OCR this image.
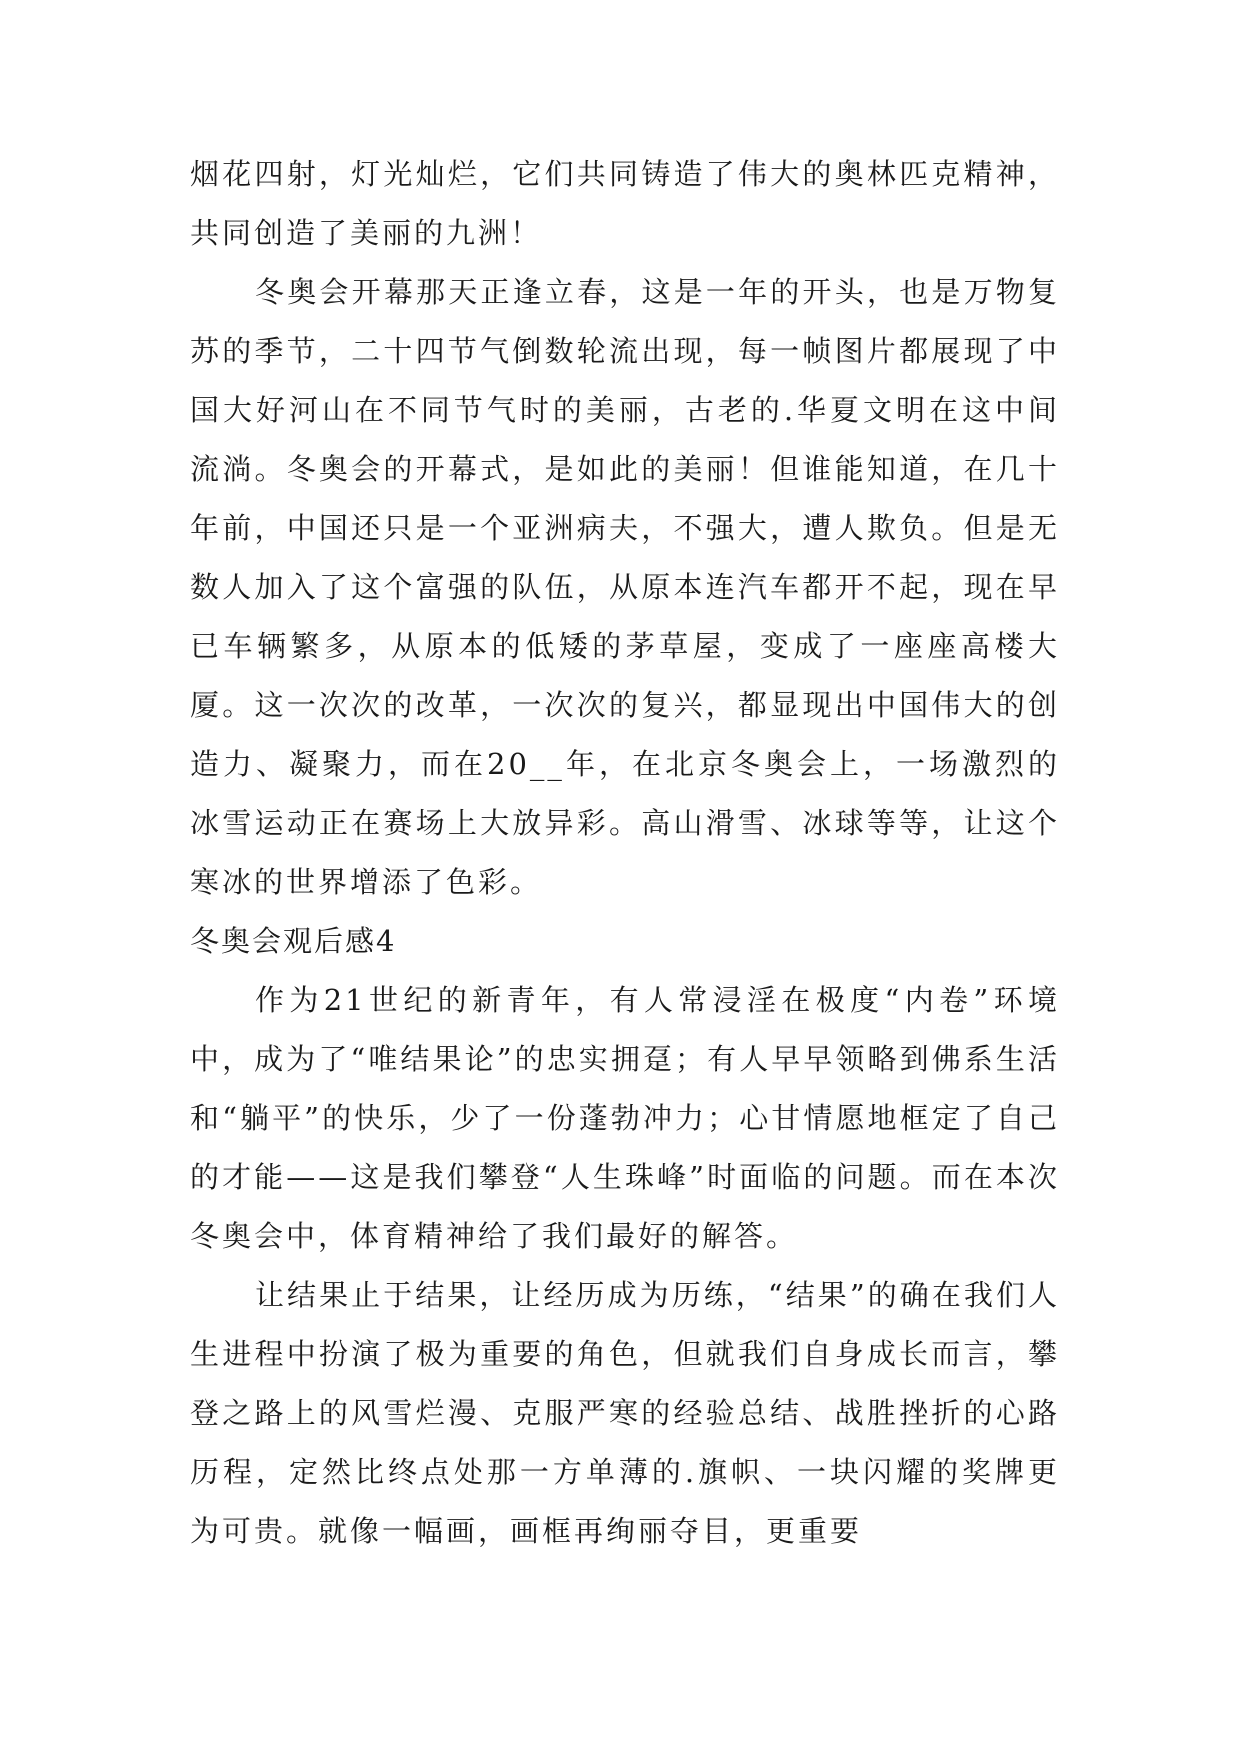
烟花四射，灯光灿烂，它们共同铸造了伟大的奥林匹克精神，共同创造了美丽的九洲！

冬奥会开幕那天正逢立春，这是一年的开头，也是万物复苏的季节，二十四节气倒数轮流出现，每一帧图片都展现了中国大好河山在不同节气时的美丽，古老的.华夏文明在这中间流淌。冬奥会的开幕式，是如此的美丽！但谁能知道，在几十年前，中国还只是一个亚洲病夫，不强大，遭人欺负。但是无数人加入了这个富强的队伍，从原本连汽车都开不起，现在早已车辆繁多，从原本的低矮的茅草屋，变成了一座座高楼大厦。这一次次的改革，一次次的复兴，都显现出中国伟大的创造力、凝聚力，而在20__年，在北京冬奥会上，一场激烈的冰雪运动正在赛场上大放异彩。高山滑雪、冰球等等，让这个寒冰的世界增添了色彩。

冬奥会观后感4

作为21世纪的新青年，有人常浸淫在极度“内卷”环境中，成为了“唯结果论”的忠实拥趸；有人早早领略到佛系生活和“躺平”的快乐，少了一份蓬勃冲力；心甘情愿地框定了自己的才能——这是我们攀登“人生珠峰”时面临的问题。而在本次冬奥会中，体育精神给了我们最好的解答。

让结果止于结果，让经历成为历练，“结果”的确在我们人生进程中扮演了极为重要的角色，但就我们自身成长而言，攀登之路上的风雪烂漫、克服严寒的经验总结、战胜挫折的心路历程，定然比终点处那一方单薄的.旗帜、一块闪耀的奖牌更为可贵。就像一幅画，画框再绚丽夺目，更重要
